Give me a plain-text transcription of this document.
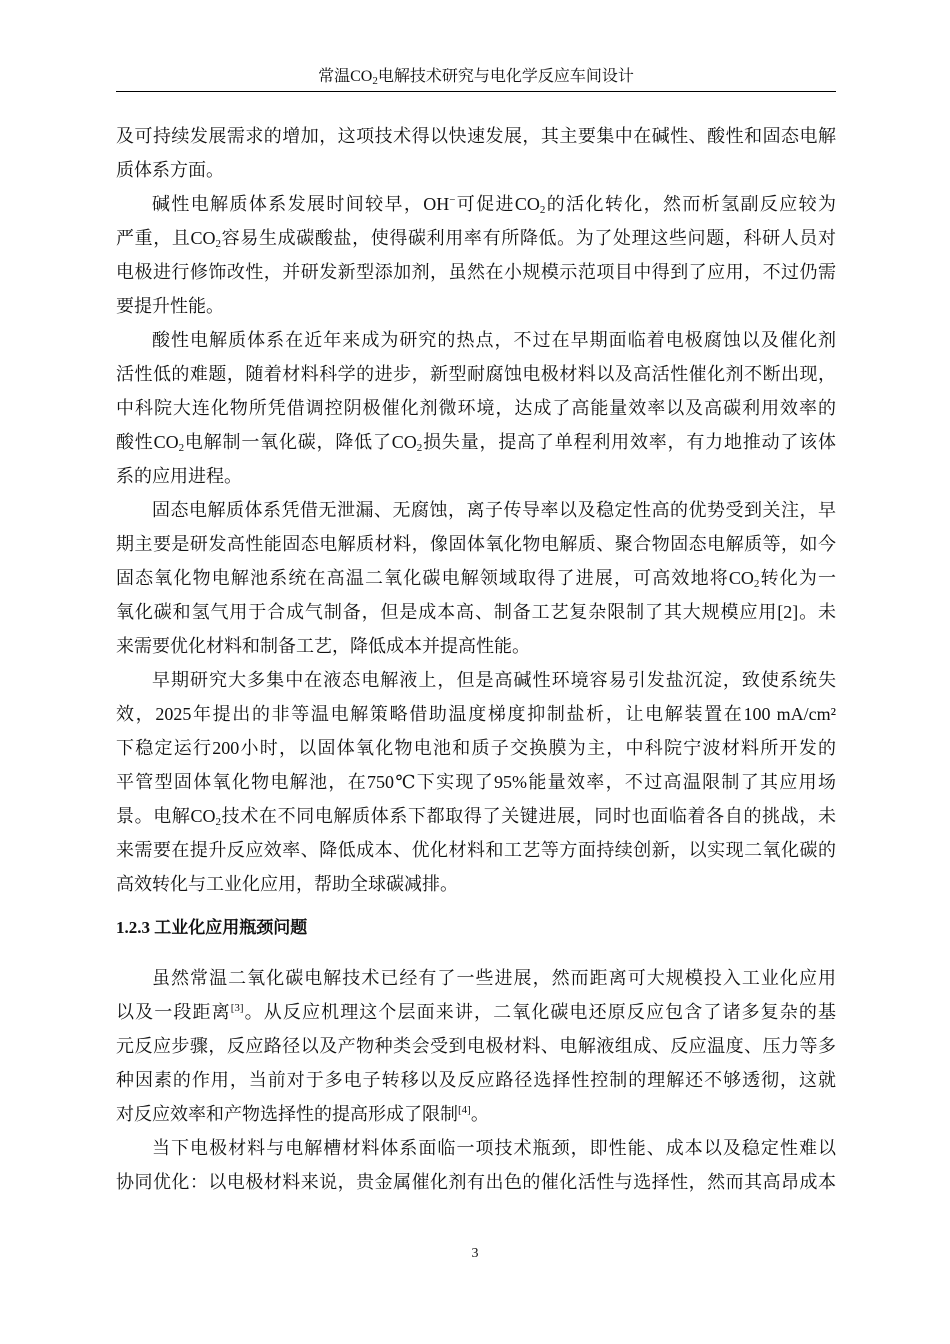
常温$CO_2$电解技术研究与电化学反应车间设计
及可持续发展需求的增加，这项技术得以快速发展，其主要集中在碱性、酸性和固态电解
质体系方面。
碱性电解质体系发展时间较早，OH−可促进$CO_2$的活化转化，然而析氢副反应较为
严重，且$CO_2$容易生成碳酸盐，使得碳利用率有所降低。为了处理这些问题，科研人员对
电极进行修饰改性，并研发新型添加剂，虽然在小规模示范项目中得到了应用，不过仍需
要提升性能。
酸性电解质体系在近年来成为研究的热点，不过在早期面临着电极腐蚀以及催化剂
活性低的难题，随着材料科学的进步，新型耐腐蚀电极材料以及高活性催化剂不断出现，
中科院大连化物所凭借调控阴极催化剂微环境，达成了高能量效率以及高碳利用效率的
酸性$CO_2$电解制一氧化碳，降低了$CO_2$损失量，提高了单程利用效率，有力地推动了该体
系的应用进程。
固态电解质体系凭借无泄漏、无腐蚀，离子传导率以及稳定性高的优势受到关注，早
期主要是研发高性能固态电解质材料，像固体氧化物电解质、聚合物固态电解质等，如今
固态氧化物电解池系统在高温二氧化碳电解领域取得了进展，可高效地将$CO_2$转化为一
氧化碳和氢气用于合成气制备，但是成本高、制备工艺复杂限制了其大规模应用[2]。未
来需要优化材料和制备工艺，降低成本并提高性能。
早期研究大多集中在液态电解液上，但是高碱性环境容易引发盐沉淀，致使系统失
效，2025年提出的非等温电解策略借助温度梯度抑制盐析，让电解装置在100 mA/cm²
下稳定运行200小时，以固体氧化物电池和质子交换膜为主，中科院宁波材料所开发的
平管型固体氧化物电解池，在750℃下实现了95%能量效率，不过高温限制了其应用场
景。电解$CO_2$技术在不同电解质体系下都取得了关键进展，同时也面临着各自的挑战，未
来需要在提升反应效率、降低成本、优化材料和工艺等方面持续创新，以实现二氧化碳的
高效转化与工业化应用，帮助全球碳减排。
1.2.3 工业化应用瓶颈问题
虽然常温二氧化碳电解技术已经有了一些进展，然而距离可大规模投入工业化应用
以及一段距离[3]。从反应机理这个层面来讲，二氧化碳电还原反应包含了诸多复杂的基
元反应步骤，反应路径以及产物种类会受到电极材料、电解液组成、反应温度、压力等多
种因素的作用，当前对于多电子转移以及反应路径选择性控制的理解还不够透彻，这就
对反应效率和产物选择性的提高形成了限制[4]。
当下电极材料与电解槽材料体系面临一项技术瓶颈，即性能、成本以及稳定性难以
协同优化：以电极材料来说，贵金属催化剂有出色的催化活性与选择性，然而其高昂成本
3
